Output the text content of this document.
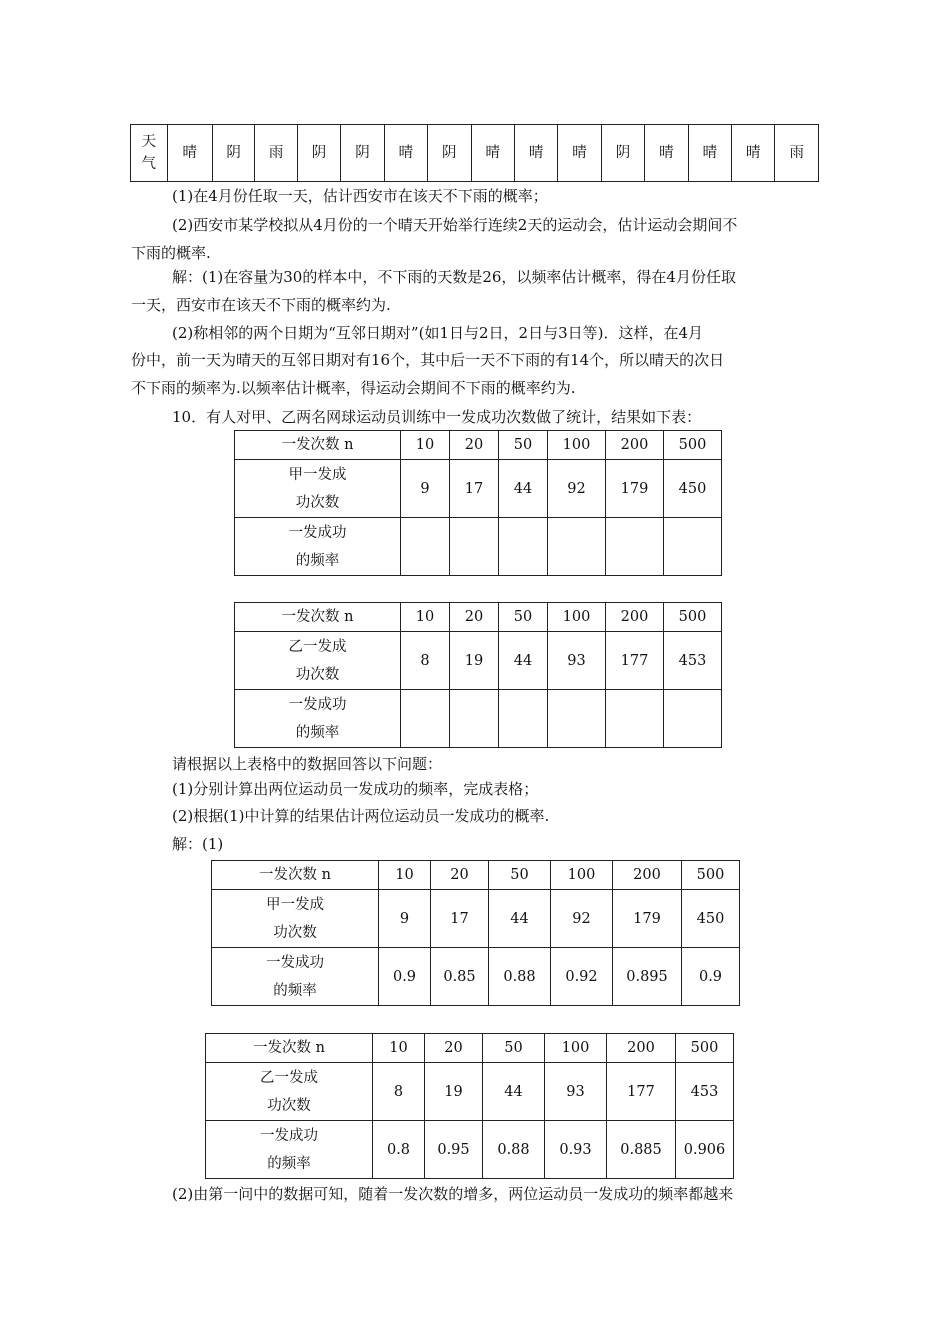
天
气	晴	阴	雨	阴	阴	晴	阴	晴	晴	晴	阴	晴	晴	晴	雨
(1)在4月份任取一天，估计西安市在该天不下雨的概率；
(2)西安市某学校拟从4月份的一个晴天开始举行连续2天的运动会，估计运动会期间不
下雨的概率.
解：(1)在容量为30的样本中，不下雨的天数是26，以频率估计概率，得在4月份任取
一天，西安市在该天不下雨的概率约为.
(2)称相邻的两个日期为“互邻日期对”(如1日与2日，2日与3日等)．这样，在4月
份中，前一天为晴天的互邻日期对有16个，其中后一天不下雨的有14个，所以晴天的次日
不下雨的频率为.以频率估计概率，得运动会期间不下雨的概率约为.
10．有人对甲、乙两名网球运动员训练中一发成功次数做了统计，结果如下表：
一发次数 n	10	20	50	100	200	500

甲一发成
功次数	9	17	44	92	179	450

一发成功
的频率						

一发次数 n	10	20	50	100	200	500

乙一发成
功次数	8	19	44	93	177	453

一发成功
的频率						

请根据以上表格中的数据回答以下问题：
(1)分别计算出两位运动员一发成功的频率，完成表格；
(2)根据(1)中计算的结果估计两位运动员一发成功的概率.
解：(1)
一发次数 n	10	20	50	100	200	500

甲一发成
功次数	9	17	44	92	179	450

一发成功
的频率	0.9	0.85	0.88	0.92	0.895	0.9
一发次数 n	10	20	50	100	200	500

乙一发成
功次数	8	19	44	93	177	453

一发成功
的频率	0.8	0.95	0.88	0.93	0.885	0.906
(2)由第一问中的数据可知，随着一发次数的增多，两位运动员一发成功的频率都越来
